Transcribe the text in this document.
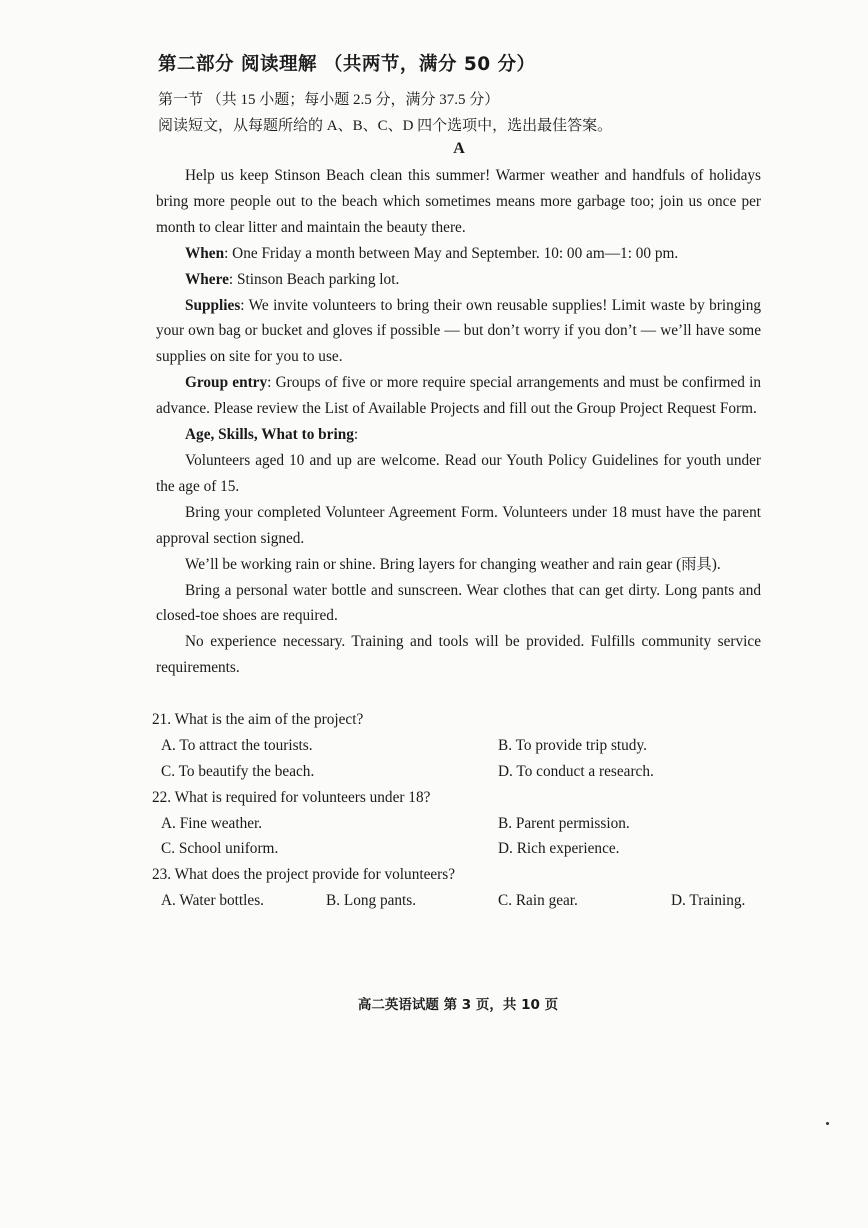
第二部分 阅读理解 （共两节，满分 50 分）
第一节 （共 15 小题；每小题 2.5 分，满分 37.5 分）
阅读短文，从每题所给的 A、B、C、D 四个选项中，选出最佳答案。
A

Help us keep Stinson Beach clean this summer! Warmer weather and handfuls of holidays bring more people out to the beach which sometimes means more garbage too; join us once per month to clear litter and maintain the beauty there.

When: One Friday a month between May and September. 10: 00 am—1: 00 pm.

Where: Stinson Beach parking lot.

Supplies: We invite volunteers to bring their own reusable supplies! Limit waste by bringing your own bag or bucket and gloves if possible — but don’t worry if you don’t — we’ll have some supplies on site for you to use.

Group entry: Groups of five or more require special arrangements and must be confirmed in advance. Please review the List of Available Projects and fill out the Group Project Request Form.

Age, Skills, What to bring:

Volunteers aged 10 and up are welcome. Read our Youth Policy Guidelines for youth under the age of 15.

Bring your completed Volunteer Agreement Form. Volunteers under 18 must have the parent approval section signed.

We’ll be working rain or shine. Bring layers for changing weather and rain gear (雨具).

Bring a personal water bottle and sunscreen. Wear clothes that can get dirty. Long pants and closed-toe shoes are required.

No experience necessary. Training and tools will be provided. Fulfills community service requirements.

21. What is the aim of the project?
A. To attract the tourists.	B. To provide trip study.
C. To beautify the beach.	D. To conduct a research.
22. What is required for volunteers under 18?
A. Fine weather.	B. Parent permission.
C. School uniform.	D. Rich experience.
23. What does the project provide for volunteers?
A. Water bottles.	B. Long pants.	C. Rain gear.	D. Training.
高二英语试题 第 3 页，共 10 页
